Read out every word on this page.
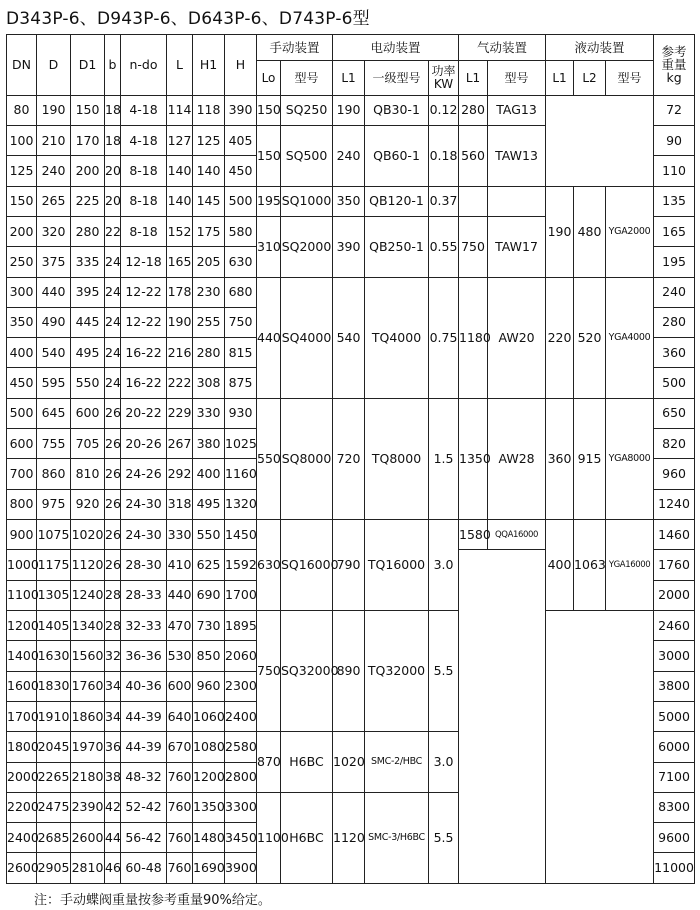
D343P-6、D943P-6、D643P-6、D743P-6型
DN	D	D1	b	n-do	L	H1	H	手动装置		电动装置			气动装置		液动装置			参考重量
kg

								Lo	型号	L1	一级型号	功率KW	L1	型号	L1	L2	型号	
80	190	150	18	4-18	114	118	390	150	SQ250	190	QB30-1	0.12	280	TAG13				72
100	210	170	18	4-18	127	125	405	150	SQ500	240	QB60-1	0.18	560	TAW13				90
125	240	200	20	8-18	140	140	450											110
150	265	225	20	8-18	140	145	500	195	SQ1000	350	QB120-1	0.37			190	480	YGA2000	135
200	320	280	22	8-18	152	175	580	310	SQ2000	390	QB250-1	0.55	750	TAW17				165
250	375	335	24	12-18	165	205	630											195
300	440	395	24	12-22	178	230	680	440	SQ4000	540	TQ4000	0.75	1180	AW20	220	520	YGA4000	240
350	490	445	24	12-22	190	255	750											280
400	540	495	24	16-22	216	280	815											360
450	595	550	24	16-22	222	308	875											500
500	645	600	26	20-22	229	330	930	550	SQ8000	720	TQ8000	1.5	1350	AW28	360	915	YGA8000	650
600	755	705	26	20-26	267	380	1025											820
700	860	810	26	24-26	292	400	1160											960
800	975	920	26	24-30	318	495	1320											1240
900	1075	1020	26	24-30	330	550	1450	630	SQ16000	790	TQ16000	3.0	1580	QQA16000	400	1063	YGA16000	1460
1000	1175	1120	26	28-30	410	625	1592											1760
1100	1305	1240	28	28-33	440	690	1700											2000
1200	1405	1340	28	32-33	470	730	1895	750	SQ32000	890	TQ32000	5.5						2460
1400	1630	1560	32	36-36	530	850	2060											3000
1600	1830	1760	34	40-36	600	960	2300											3800
1700	1910	1860	34	44-39	640	1060	2400											5000
1800	2045	1970	36	44-39	670	1080	2580	870	H6BC	1020	SMC-2/HBC	3.0						6000
2000	2265	2180	38	48-32	760	1200	2800											7100
2200	2475	2390	42	52-42	760	1350	3300	1100	H6BC	1120	SMC-3/H6BC	5.5						8300
2400	2685	2600	44	56-42	760	1480	3450											9600
2600	2905	2810	46	60-48	760	1690	3900											11000
注：手动蝶阀重量按参考重量90%给定。
